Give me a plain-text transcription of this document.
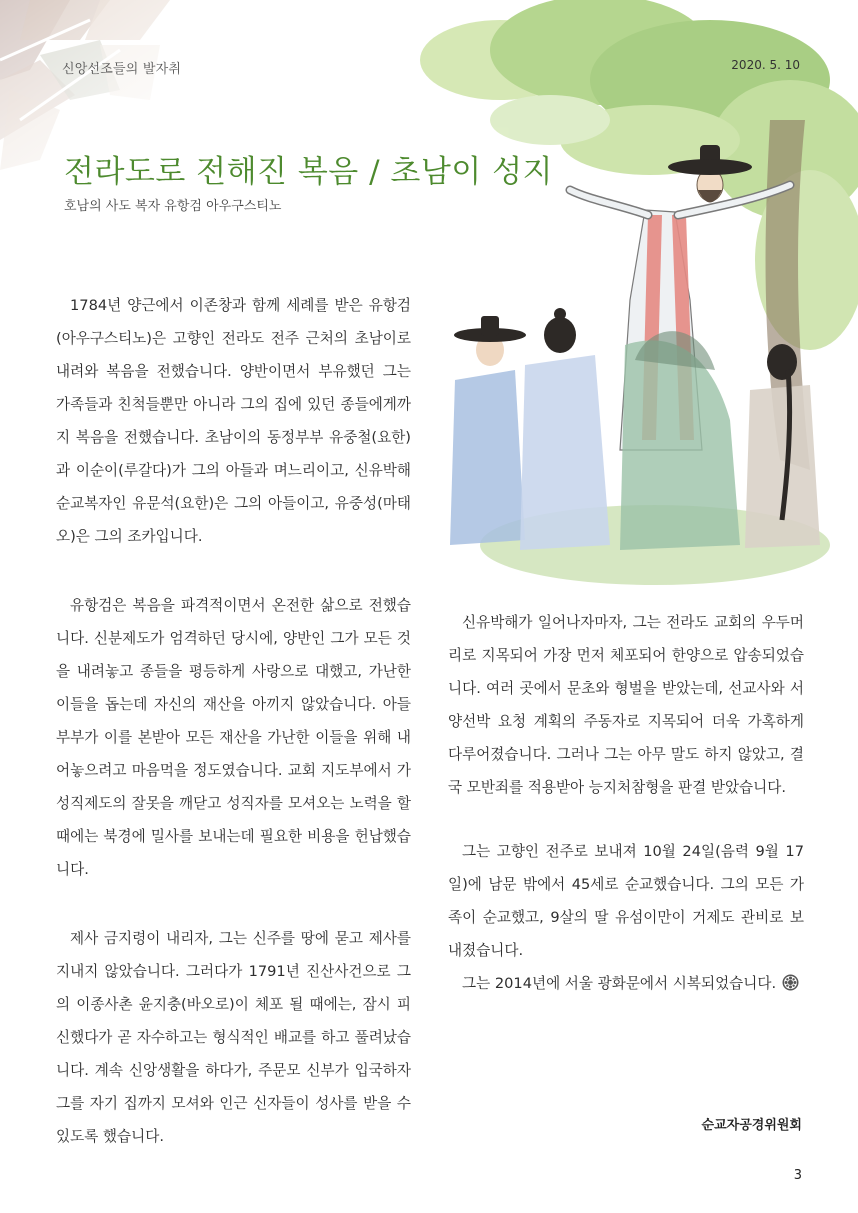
신앙선조들의 발자취	2020. 5. 10
전라도로 전해진 복음 / 초남이 성지
호남의 사도 복자 유항검 아우구스티노

1784년 양근에서 이존창과 함께 세례를 받은 유항검(아우구스티노)은 고향인 전라도 전주 근처의 초남이로 내려와 복음을 전했습니다. 양반이면서 부유했던 그는 가족들과 친척들뿐만 아니라 그의 집에 있던 종들에게까지 복음을 전했습니다. 초남이의 동정부부 유중철(요한)과 이순이(루갈다)가 그의 아들과 며느리이고, 신유박해 순교복자인 유문석(요한)은 그의 아들이고, 유중성(마태오)은 그의 조카입니다.

유항검은 복음을 파격적이면서 온전한 삶으로 전했습니다. 신분제도가 엄격하던 당시에, 양반인 그가 모든 것을 내려놓고 종들을 평등하게 사랑으로 대했고, 가난한 이들을 돕는데 자신의 재산을 아끼지 않았습니다. 아들 부부가 이를 본받아 모든 재산을 가난한 이들을 위해 내어놓으려고 마음먹을 정도였습니다. 교회 지도부에서 가성직제도의 잘못을 깨닫고 성직자를 모셔오는 노력을 할 때에는 북경에 밀사를 보내는데 필요한 비용을 헌납했습니다.

제사 금지령이 내리자, 그는 신주를 땅에 묻고 제사를 지내지 않았습니다. 그러다가 1791년 진산사건으로 그의 이종사촌 윤지충(바오로)이 체포 될 때에는, 잠시 피신했다가 곧 자수하고는 형식적인 배교를 하고 풀려났습니다. 계속 신앙생활을 하다가, 주문모 신부가 입국하자 그를 자기 집까지 모셔와 인근 신자들이 성사를 받을 수 있도록 했습니다.

신유박해가 일어나자마자, 그는 전라도 교회의 우두머리로 지목되어 가장 먼저 체포되어 한양으로 압송되었습니다. 여러 곳에서 문초와 형벌을 받았는데, 선교사와 서양선박 요청 계획의 주동자로 지목되어 더욱 가혹하게 다루어졌습니다. 그러나 그는 아무 말도 하지 않았고, 결국 모반죄를 적용받아 능지처참형을 판결 받았습니다.

그는 고향인 전주로 보내져 10월 24일(음력 9월 17일)에 남문 밖에서 45세로 순교했습니다. 그의 모든 가족이 순교했고, 9살의 딸 유섬이만이 거제도 관비로 보내졌습니다.

그는 2014년에 서울 광화문에서 시복되었습니다.

순교자공경위원회
3
